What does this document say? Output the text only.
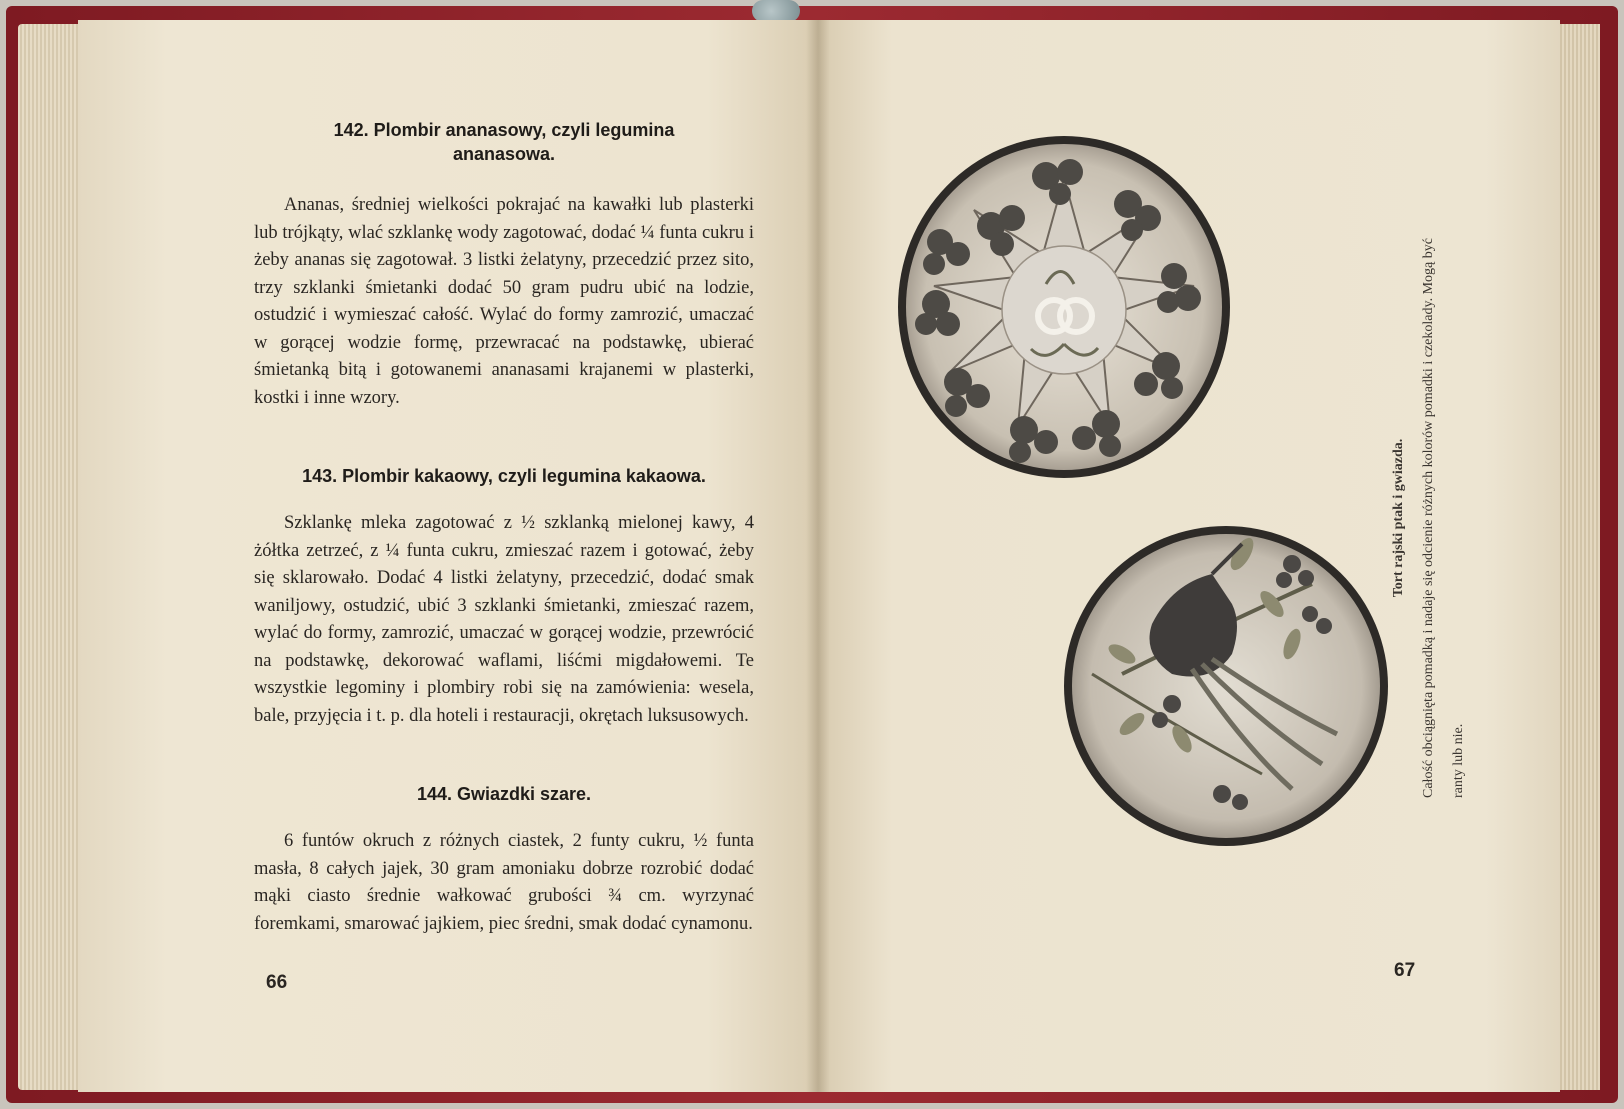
142. Plombir ananasowy, czyli legumina
ananasowa.

Ananas, średniej wielkości pokrajać na kawałki lub plasterki lub trójkąty, wlać szklankę wody zagotować, dodać ¼ funta cukru i żeby ananas się zagotował. 3 listki żelatyny, przecedzić przez sito, trzy szklanki śmietanki dodać 50 gram pudru ubić na lodzie, ostudzić i wymieszać całość. Wylać do formy zamrozić, umaczać w gorącej wodzie formę, przewracać na podstawkę, ubierać śmietanką bitą i gotowanemi ananasami krajanemi w plasterki, kostki i inne wzory.

143. Plombir kakaowy, czyli legumina kakaowa.

Szklankę mleka zagotować z ½ szklanką mielonej kawy, 4 żółtka zetrzeć, z ¼ funta cukru, zmieszać razem i gotować, żeby się sklarowało. Dodać 4 listki żelatyny, przecedzić, dodać smak waniljowy, ostudzić, ubić 3 szklanki śmietanki, zmieszać razem, wylać do formy, zamrozić, umaczać w gorącej wodzie, przewrócić na podstawkę, dekorować waflami, liśćmi migdałowemi. Te wszystkie legominy i plombiry robi się na zamówienia: wesela, bale, przyjęcia i t. p. dla hoteli i restauracji, okrętach luksusowych.

144. Gwiazdki szare.

6 funtów okruch z różnych ciastek, 2 funty cukru, ½ funta masła, 8 całych jajek, 30 gram amoniaku dobrze rozrobić dodać mąki ciasto średnie wałkować grubości ¾ cm. wyrzynać foremkami, smarować jajkiem, piec średni, smak dodać cynamonu.

66
Tort rajski ptak i gwiazda.	Całość obciągnięta pomadką i nadaje się odcienie różnych kolorów pomadki i czekolady. Mogą być ranty lub nie.
67
